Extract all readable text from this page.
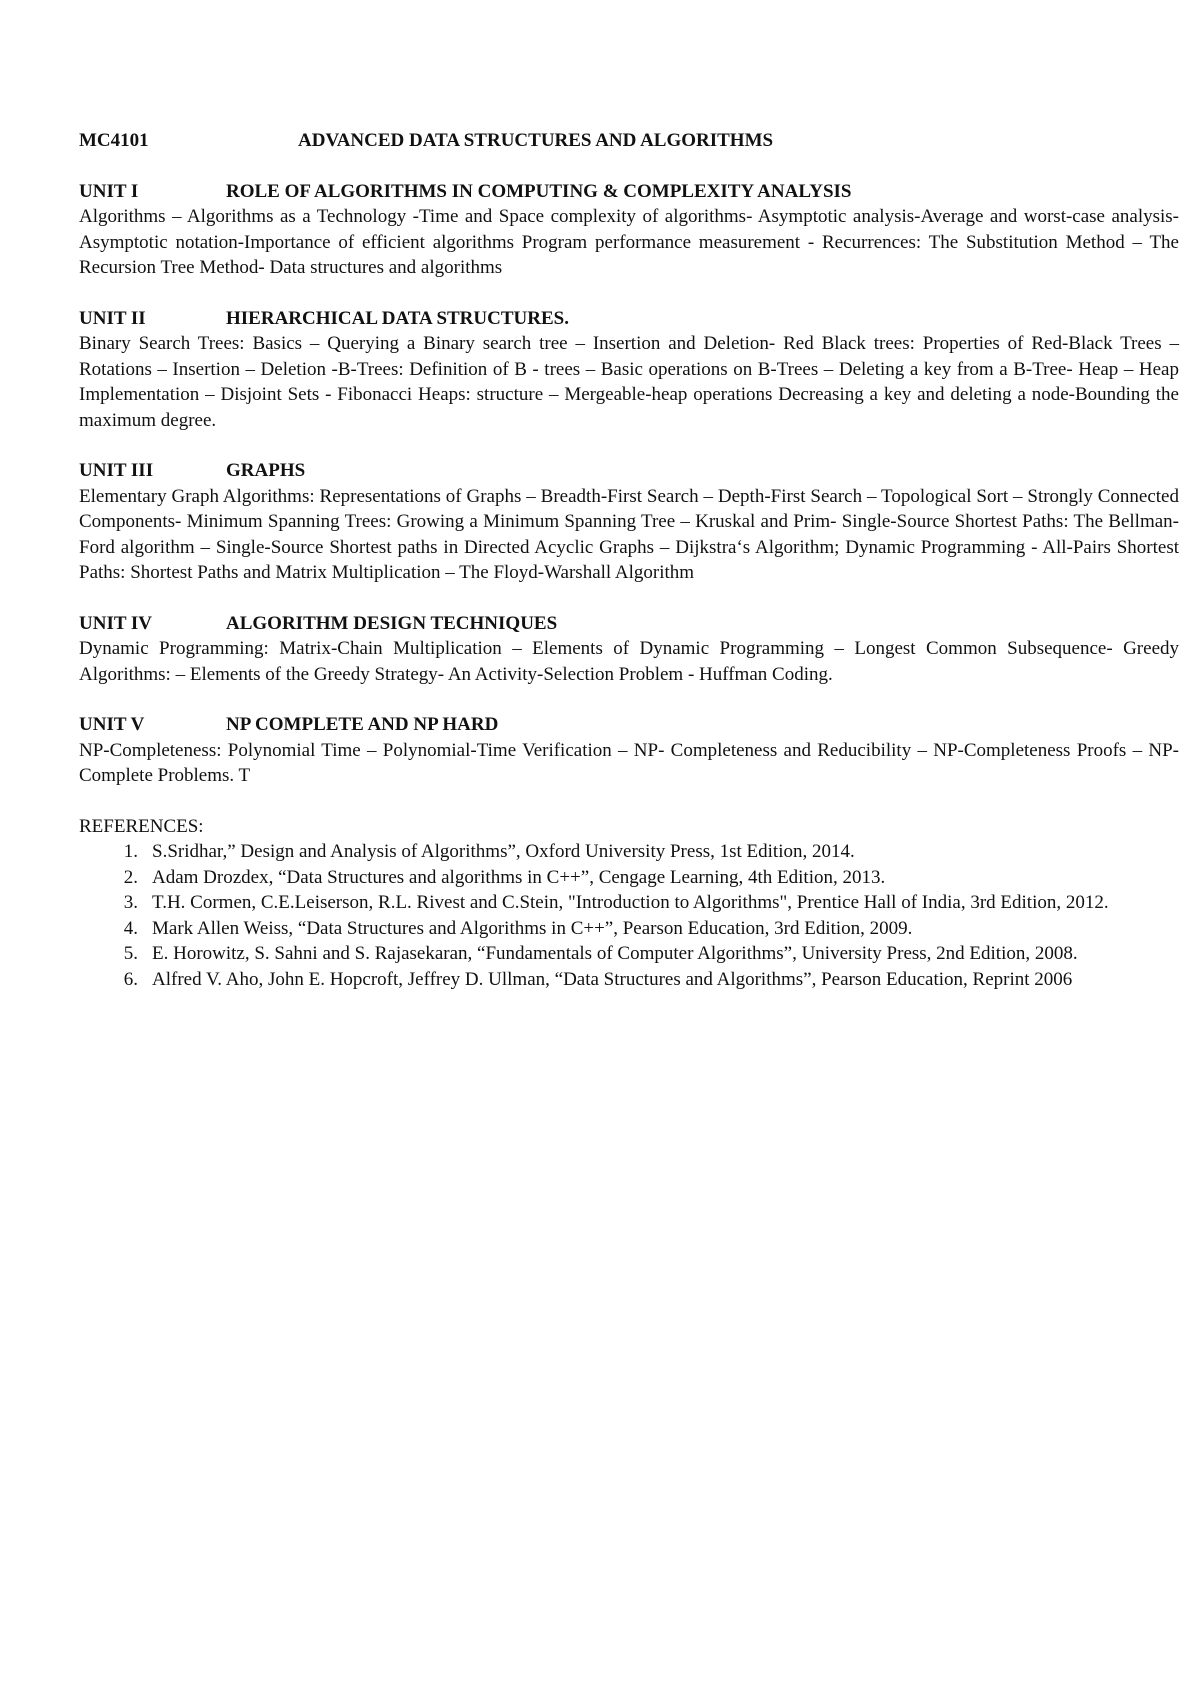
MC4101	ADVANCED DATA STRUCTURES AND ALGORITHMS
UNIT I	ROLE OF ALGORITHMS IN COMPUTING & COMPLEXITY ANALYSIS
Algorithms – Algorithms as a Technology -Time and Space complexity of algorithms- Asymptotic analysis-Average and worst-case analysis-Asymptotic notation-Importance of efficient algorithms Program performance measurement - Recurrences: The Substitution Method – The Recursion Tree Method- Data structures and algorithms
UNIT II	HIERARCHICAL DATA STRUCTURES.
Binary Search Trees: Basics – Querying a Binary search tree – Insertion and Deletion- Red Black trees: Properties of Red-Black Trees – Rotations – Insertion – Deletion -B-Trees: Definition of B - trees – Basic operations on B-Trees – Deleting a key from a B-Tree- Heap – Heap Implementation – Disjoint Sets - Fibonacci Heaps: structure – Mergeable-heap operations Decreasing a key and deleting a node-Bounding the maximum degree.
UNIT III	GRAPHS
Elementary Graph Algorithms: Representations of Graphs – Breadth-First Search – Depth-First Search – Topological Sort – Strongly Connected Components- Minimum Spanning Trees: Growing a Minimum Spanning Tree – Kruskal and Prim- Single-Source Shortest Paths: The Bellman-Ford algorithm – Single-Source Shortest paths in Directed Acyclic Graphs – Dijkstra‘s Algorithm; Dynamic Programming - All-Pairs Shortest Paths: Shortest Paths and Matrix Multiplication – The Floyd-Warshall Algorithm
UNIT IV	ALGORITHM DESIGN TECHNIQUES
Dynamic Programming: Matrix-Chain Multiplication – Elements of Dynamic Programming – Longest Common Subsequence- Greedy Algorithms: – Elements of the Greedy Strategy- An Activity-Selection Problem - Huffman Coding.
UNIT V	NP COMPLETE AND NP HARD
NP-Completeness: Polynomial Time – Polynomial-Time Verification – NP- Completeness and Reducibility – NP-Completeness Proofs – NP-Complete Problems. T
REFERENCES:
1. S.Sridhar,” Design and Analysis of Algorithms”, Oxford University Press, 1st Edition, 2014.
2. Adam Drozdex, “Data Structures and algorithms in C++”, Cengage Learning, 4th Edition, 2013.
3. T.H. Cormen, C.E.Leiserson, R.L. Rivest and C.Stein, "Introduction to Algorithms", Prentice Hall of India, 3rd Edition, 2012.
4. Mark Allen Weiss, “Data Structures and Algorithms in C++”, Pearson Education, 3rd Edition, 2009.
5. E. Horowitz, S. Sahni and S. Rajasekaran, “Fundamentals of Computer Algorithms”, University Press, 2nd Edition, 2008.
6. Alfred V. Aho, John E. Hopcroft, Jeffrey D. Ullman, “Data Structures and Algorithms”, Pearson Education, Reprint 2006
